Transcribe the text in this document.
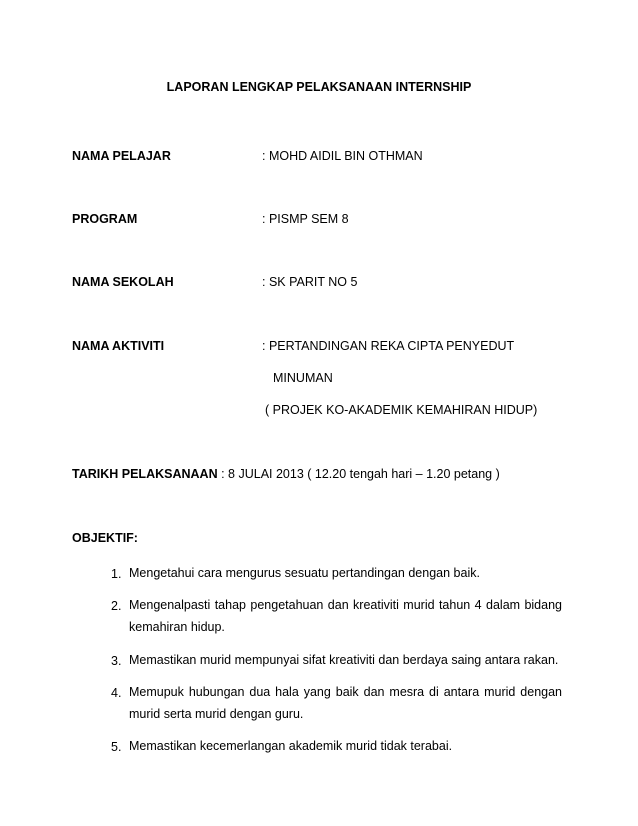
LAPORAN LENGKAP PELAKSANAAN INTERNSHIP
NAMA PELAJAR	: MOHD AIDIL BIN OTHMAN
PROGRAM	: PISMP SEM 8
NAMA SEKOLAH	: SK PARIT NO 5
NAMA AKTIVITI	: PERTANDINGAN REKA CIPTA PENYEDUT
MINUMAN
( PROJEK KO-AKADEMIK KEMAHIRAN HIDUP)
TARIKH PELAKSANAAN : 8 JULAI 2013 ( 12.20 tengah hari – 1.20 petang )
OBJEKTIF:
1. Mengetahui cara mengurus sesuatu pertandingan dengan baik.
2. Mengenalpasti tahap pengetahuan dan kreativiti murid tahun 4 dalam bidang kemahiran hidup.
3. Memastikan murid mempunyai sifat kreativiti dan berdaya saing antara rakan.
4. Memupuk hubungan dua hala yang baik dan mesra di antara murid dengan murid serta murid dengan guru.
5. Memastikan kecemerlangan akademik murid tidak terabai.
